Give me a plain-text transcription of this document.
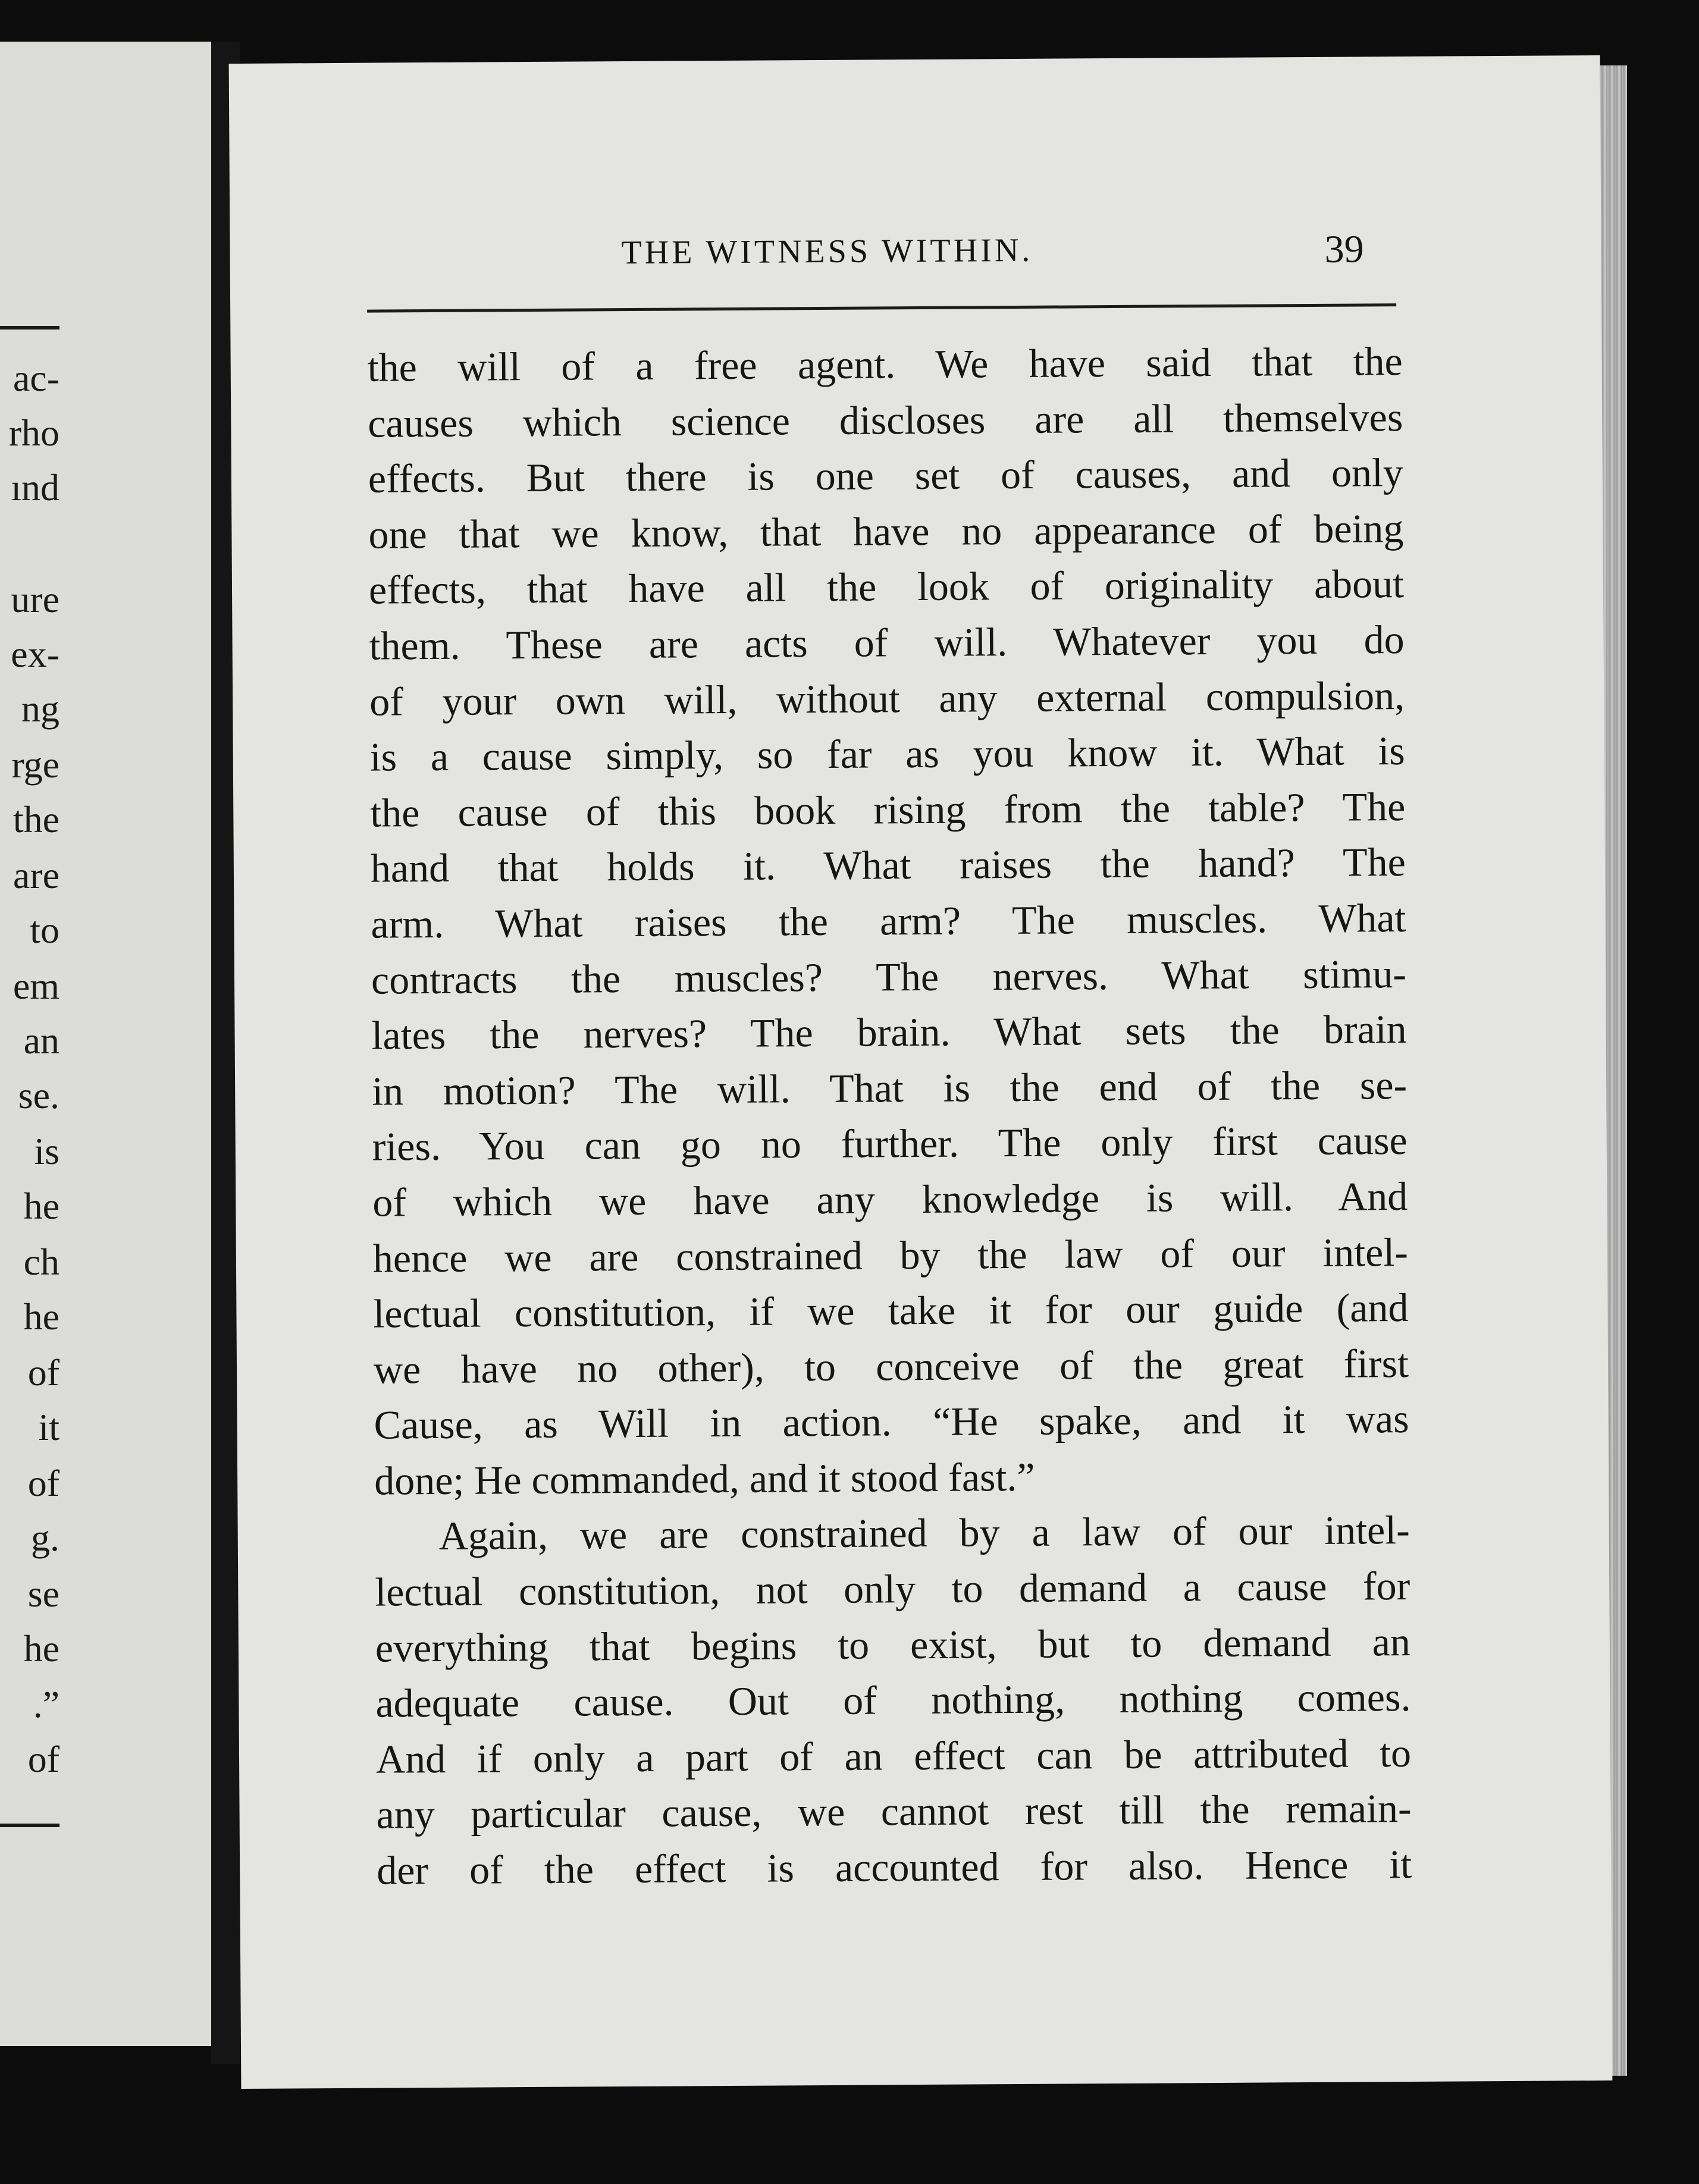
ac-
rho
ınd
ure
ex-
ng
rge
the
are
to
em
an
se.
is
he
ch
he
of
it
of
g.
se
he
.”
of
THE WITNESS WITHIN.	39
the will of a free agent. We have said that the
causes which science discloses are all themselves
effects. But there is one set of causes, and only
one that we know, that have no appearance of being
effects, that have all the look of originality about
them. These are acts of will. Whatever you do
of your own will, without any external compulsion,
is a cause simply, so far as you know it. What is
the cause of this book rising from the table? The
hand that holds it. What raises the hand? The
arm. What raises the arm? The muscles. What
contracts the muscles? The nerves. What stimu-
lates the nerves? The brain. What sets the brain
in motion? The will. That is the end of the se-
ries. You can go no further. The only first cause
of which we have any knowledge is will. And
hence we are constrained by the law of our intel-
lectual constitution, if we take it for our guide (and
we have no other), to conceive of the great first
Cause, as Will in action. “He spake, and it was
done; He commanded, and it stood fast.”
Again, we are constrained by a law of our intel-
lectual constitution, not only to demand a cause for
everything that begins to exist, but to demand an
adequate cause. Out of nothing, nothing comes.
And if only a part of an effect can be attributed to
any particular cause, we cannot rest till the remain-
der of the effect is accounted for also. Hence it
